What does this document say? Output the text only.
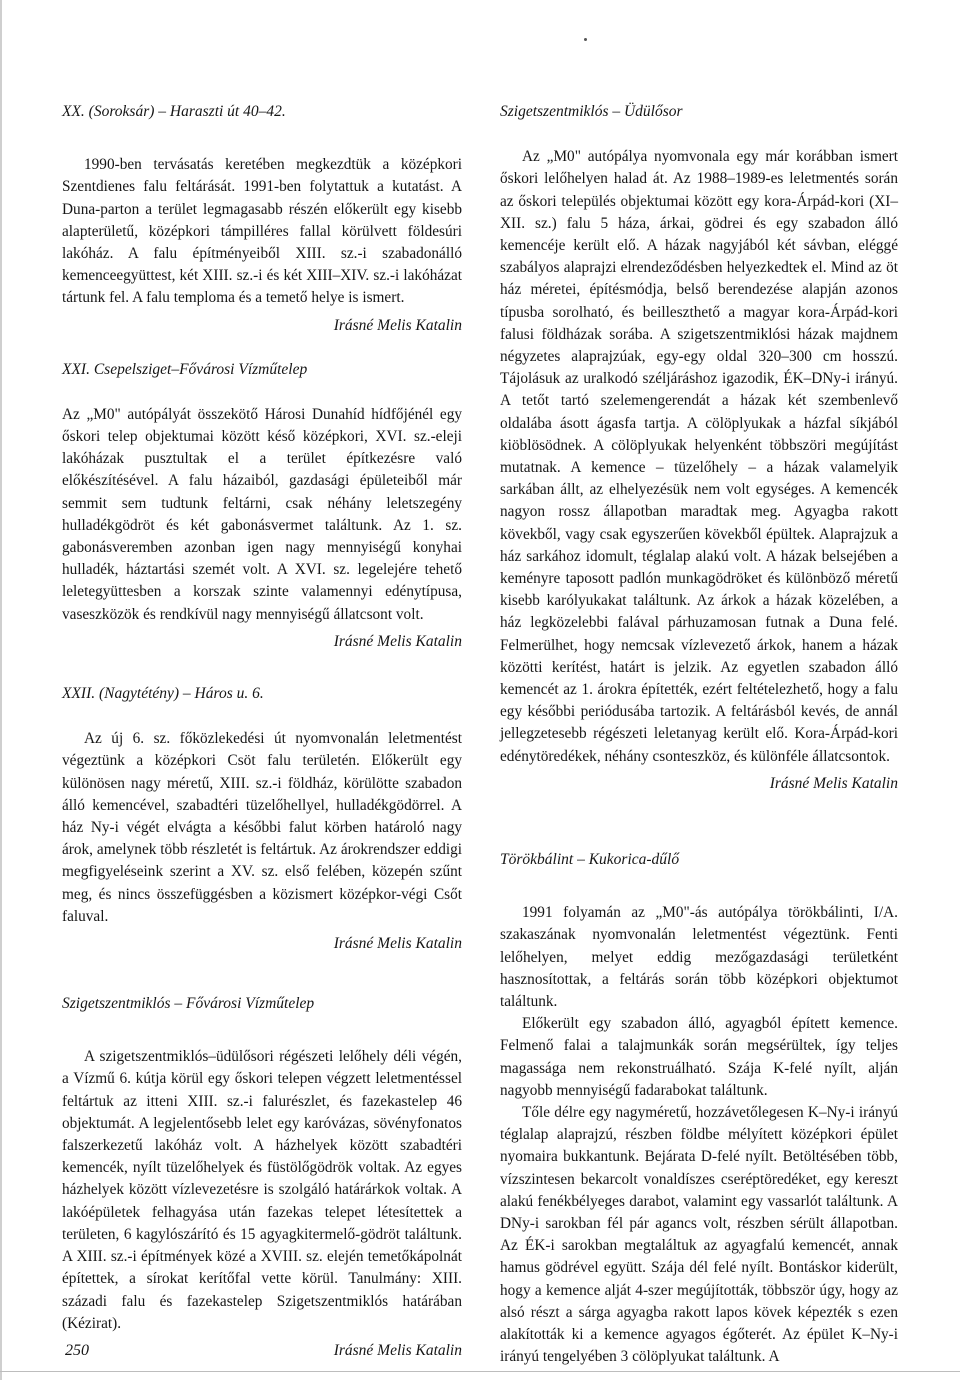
XX. (Soroksár) – Haraszti út 40–42.

1990-ben tervásatás keretében megkezdtük a középkori Szentdienes falu feltárását. 1991-ben folytattuk a kutatást. A Duna-parton a terület legmagasabb részén előkerült egy kisebb alapterületű, középkori támpilléres fallal körülvett földesúri lakóház. A falu építményeiből XIII. sz.-i szabadonálló kemenceegyüttest, két XIII. sz.-i és két XIII–XIV. sz.-i lakóházat tártunk fel. A falu temploma és a temető helye is ismert.

Irásné Melis Katalin

XXI. Csepelsziget–Fővárosi Vízműtelep

Az „M0" autópályát összekötő Hárosi Dunahíd hídfőjénél egy őskori telep objektumai között késő középkori, XVI. sz.-eleji lakóházak pusztultak el a terület építkezésre való előkészítésével. A falu házaiból, gazdasági épületeiből már semmit sem tudtunk feltárni, csak néhány leletszegény hulladékgödröt és két gabonásvermet találtunk. Az 1. sz. gabonásveremben azonban igen nagy mennyiségű konyhai hulladék, háztartási szemét volt. A XVI. sz. legelejére tehető leletegyüttesben a korszak szinte valamennyi edénytípusa, vaseszközök és rendkívül nagy mennyiségű állatcsont volt.

Irásné Melis Katalin

XXII. (Nagytétény) – Háros u. 6.

Az új 6. sz. főközlekedési út nyomvonalán leletmentést végeztünk a középkori Csöt falu területén. Előkerült egy különösen nagy méretű, XIII. sz.-i földház, körülötte szabadon álló kemencével, szabadtéri tüzelőhellyel, hulladékgödörrel. A ház Ny-i végét elvágta a későbbi falut körben határoló nagy árok, amelynek több részletét is feltártuk. Az árokrendszer eddigi megfigyeléseink szerint a XV. sz. első felében, közepén szűnt meg, és nincs összefüggésben a közismert középkor-végi Csőt faluval.

Irásné Melis Katalin

Szigetszentmiklós – Fővárosi Vízműtelep

A szigetszentmiklós–üdülősori régészeti lelőhely déli végén, a Vízmű 6. kútja körül egy őskori telepen végzett leletmentéssel feltártuk az itteni XIII. sz.-i falurészlet, és fazekastelep 46 objektumát. A legjelentősebb lelet egy karóvázas, sövényfonatos falszerkezetű lakóház volt. A házhelyek között szabadtéri kemencék, nyílt tüzelőhelyek és füstölőgödrök voltak. Az egyes házhelyek között vízlevezetésre is szolgáló határárkok voltak. A lakóépületek felhagyása után fazekas telepet létesítettek a területen, 6 kagylószárító és 15 agyagkitermelő-gödröt találtunk. A XIII. sz.-i építmények közé a XVIII. sz. elején temetőkápolnát építettek, a sírokat kerítőfal vette körül. Tanulmány: XIII. századi falu és fazekastelep Szigetszentmiklós határában (Kézirat).

Irásné Melis Katalin

Szigetszentmiklós – Üdülősor

Az „M0" autópálya nyomvonala egy már korábban ismert őskori lelőhelyen halad át. Az 1988–1989-es leletmentés során az őskori település objektumai között egy kora-Árpád-kori (XI–XII. sz.) falu 5 háza, árkai, gödrei és egy szabadon álló kemencéje került elő. A házak nagyjából két sávban, eléggé szabályos alaprajzi elrendeződésben helyezkedtek el. Mind az öt ház méretei, építésmódja, belső berendezése alapján azonos típusba sorolható, és beilleszthető a magyar kora-Árpád-kori falusi földházak sorába. A szigetszentmiklósi házak majdnem négyzetes alaprajzúak, egy-egy oldal 320–300 cm hosszú. Tájolásuk az uralkodó széljáráshoz igazodik, ÉK–DNy-i irányú. A tetőt tartó szelemengerendát a házak két szembenlevő oldalába ásott ágasfa tartja. A cölöplyukak a házfal síkjából kiöblösödnek. A cölöplyukak helyenként többszöri megújítást mutatnak. A kemence – tüzelőhely – a házak valamelyik sarkában állt, az elhelyezésük nem volt egységes. A kemencék nagyon rossz állapotban maradtak meg. Agyagba rakott kövekből, vagy csak egyszerűen kövekből épültek. Alaprajzuk a ház sarkához idomult, téglalap alakú volt. A házak belsejében a keményre taposott padlón munkagödröket és különböző méretű kisebb karólyukakat találtunk. Az árkok a házak közelében, a ház legközelebbi falával párhuzamosan futnak a Duna felé. Felmerülhet, hogy nemcsak vízlevezető árkok, hanem a házak közötti kerítést, határt is jelzik. Az egyetlen szabadon álló kemencét az 1. árokra építették, ezért feltételezhető, hogy a falu egy későbbi periódusába tartozik. A feltárásból kevés, de annál jellegzetesebb régészeti leletanyag került elő. Kora-Árpád-kori edénytöredékek, néhány csonteszköz, és különféle állatcsontok.

Irásné Melis Katalin

Törökbálint – Kukorica-dűlő

1991 folyamán az „M0"-ás autópálya törökbálinti, I/A. szakaszának nyomvonalán leletmentést végeztünk. Fenti lelőhelyen, melyet eddig mezőgazdasági területként hasznosítottak, a feltárás során több középkori objektumot találtunk.

Előkerült egy szabadon álló, agyagból épített kemence. Felmenő falai a talajmunkák során megsérültek, így teljes magassága nem rekonstruálható. Szája K-felé nyílt, alján nagyobb mennyiségű fadarabokat találtunk.

Tőle délre egy nagyméretű, hozzávetőlegesen K–Ny-i irányú téglalap alaprajzú, részben földbe mélyített középkori épület nyomaira bukkantunk. Bejárata D-felé nyílt. Betöltésében több, vízszintesen bekarcolt vonaldíszes cseréptöredéket, egy kereszt alakú fenékbélyeges darabot, valamint egy vassarlót találtunk. A DNy-i sarokban fél pár agancs volt, részben sérült állapotban. Az ÉK-i sarokban megtaláltuk az agyagfalú kemencét, annak hamus gödrével együtt. Szája dél felé nyílt. Bontáskor kiderült, hogy a kemence alját 4-szer megújították, többször úgy, hogy az alsó részt a sárga agyagba rakott lapos kövek képezték s ezen alakították ki a kemence agyagos égőterét. Az épület K–Ny-i irányú tengelyében 3 cölöplyukat találtunk. A

250
